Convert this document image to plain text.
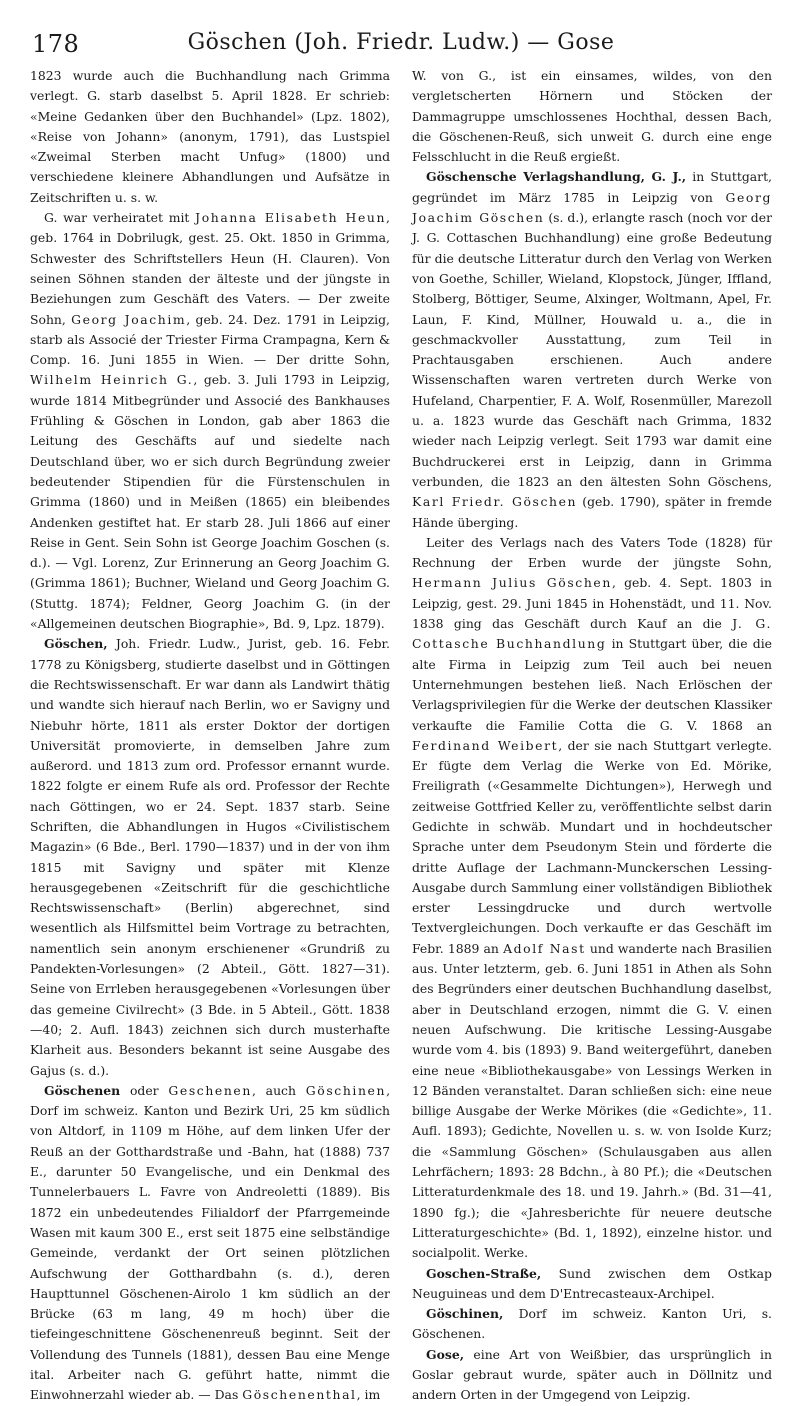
178	Göschen (Joh. Friedr. Ludw.) — Gose

1823 wurde auch die Buchhandlung nach Grimma verlegt. G. starb daselbst 5. April 1828. Er schrieb: «Meine Gedanken über den Buchhandel» (Lpz. 1802), «Reise von Johann» (anonym, 1791), das Lustspiel «Zweimal Sterben macht Unfug» (1800) und verschiedene kleinere Abhandlungen und Aufsätze in Zeitschriften u. s. w.

G. war verheiratet mit Johanna Elisabeth Heun, geb. 1764 in Dobrilugk, gest. 25. Okt. 1850 in Grimma, Schwester des Schriftstellers Heun (H. Clauren). Von seinen Söhnen standen der älteste und der jüngste in Beziehungen zum Geschäft des Vaters. — Der zweite Sohn, Georg Joachim, geb. 24. Dez. 1791 in Leipzig, starb als Associé der Triester Firma Crampagna, Kern & Comp. 16. Juni 1855 in Wien. — Der dritte Sohn, Wilhelm Heinrich G., geb. 3. Juli 1793 in Leipzig, wurde 1814 Mitbegründer und Associé des Bankhauses Frühling & Göschen in London, gab aber 1863 die Leitung des Geschäfts auf und siedelte nach Deutschland über, wo er sich durch Begründung zweier bedeutender Stipendien für die Fürstenschulen in Grimma (1860) und in Meißen (1865) ein bleibendes Andenken gestiftet hat. Er starb 28. Juli 1866 auf einer Reise in Gent. Sein Sohn ist George Joachim Goschen (s. d.). — Vgl. Lorenz, Zur Erinnerung an Georg Joachim G. (Grimma 1861); Buchner, Wieland und Georg Joachim G. (Stuttg. 1874); Feldner, Georg Joachim G. (in der «Allgemeinen deutschen Biographie», Bd. 9, Lpz. 1879).

Göschen, Joh. Friedr. Ludw., Jurist, geb. 16. Febr. 1778 zu Königsberg, studierte daselbst und in Göttingen die Rechtswissenschaft. Er war dann als Landwirt thätig und wandte sich hierauf nach Berlin, wo er Savigny und Niebuhr hörte, 1811 als erster Doktor der dortigen Universität promovierte, in demselben Jahre zum außerord. und 1813 zum ord. Professor ernannt wurde. 1822 folgte er einem Rufe als ord. Professor der Rechte nach Göttingen, wo er 24. Sept. 1837 starb. Seine Schriften, die Abhandlungen in Hugos «Civilistischem Magazin» (6 Bde., Berl. 1790—1837) und in der von ihm 1815 mit Savigny und später mit Klenze herausgegebenen «Zeitschrift für die geschichtliche Rechtswissenschaft» (Berlin) abgerechnet, sind wesentlich als Hilfsmittel beim Vortrage zu betrachten, namentlich sein anonym erschienener «Grundriß zu Pandekten-Vorlesungen» (2 Abteil., Gött. 1827—31). Seine von Errleben herausgegebenen «Vorlesungen über das gemeine Civilrecht» (3 Bde. in 5 Abteil., Gött. 1838—40; 2. Aufl. 1843) zeichnen sich durch musterhafte Klarheit aus. Besonders bekannt ist seine Ausgabe des Gajus (s. d.).

Göschenen oder Geschenen, auch Göschinen, Dorf im schweiz. Kanton und Bezirk Uri, 25 km südlich von Altdorf, in 1109 m Höhe, auf dem linken Ufer der Reuß an der Gotthardstraße und -Bahn, hat (1888) 737 E., darunter 50 Evangelische, und ein Denkmal des Tunnelerbauers L. Favre von Andreoletti (1889). Bis 1872 ein unbedeutendes Filialdorf der Pfarrgemeinde Wasen mit kaum 300 E., erst seit 1875 eine selbständige Gemeinde, verdankt der Ort seinen plötzlichen Aufschwung der Gotthardbahn (s. d.), deren Haupttunnel Göschenen-Airolo 1 km südlich an der Brücke (63 m lang, 49 m hoch) über die tiefeingeschnittene Göschenenreuß beginnt. Seit der Vollendung des Tunnels (1881), dessen Bau eine Menge ital. Arbeiter nach G. geführt hatte, nimmt die Einwohnerzahl wieder ab. — Das Göschenenthal, im

W. von G., ist ein einsames, wildes, von den vergletscherten Hörnern und Stöcken der Dammagruppe umschlossenes Hochthal, dessen Bach, die Göschenen-Reuß, sich unweit G. durch eine enge Felsschlucht in die Reuß ergießt.

Göschensche Verlagshandlung, G. J., in Stuttgart, gegründet im März 1785 in Leipzig von Georg Joachim Göschen (s. d.), erlangte rasch (noch vor der J. G. Cottaschen Buchhandlung) eine große Bedeutung für die deutsche Litteratur durch den Verlag von Werken von Goethe, Schiller, Wieland, Klopstock, Jünger, Iffland, Stolberg, Böttiger, Seume, Alxinger, Woltmann, Apel, Fr. Laun, F. Kind, Müllner, Houwald u. a., die in geschmackvoller Ausstattung, zum Teil in Prachtausgaben erschienen. Auch andere Wissenschaften waren vertreten durch Werke von Hufeland, Charpentier, F. A. Wolf, Rosenmüller, Marezoll u. a. 1823 wurde das Geschäft nach Grimma, 1832 wieder nach Leipzig verlegt. Seit 1793 war damit eine Buchdruckerei erst in Leipzig, dann in Grimma verbunden, die 1823 an den ältesten Sohn Göschens, Karl Friedr. Göschen (geb. 1790), später in fremde Hände überging.

Leiter des Verlags nach des Vaters Tode (1828) für Rechnung der Erben wurde der jüngste Sohn, Hermann Julius Göschen, geb. 4. Sept. 1803 in Leipzig, gest. 29. Juni 1845 in Hohenstädt, und 11. Nov. 1838 ging das Geschäft durch Kauf an die J. G. Cottasche Buchhandlung in Stuttgart über, die die alte Firma in Leipzig zum Teil auch bei neuen Unternehmungen bestehen ließ. Nach Erlöschen der Verlagsprivilegien für die Werke der deutschen Klassiker verkaufte die Familie Cotta die G. V. 1868 an Ferdinand Weibert, der sie nach Stuttgart verlegte. Er fügte dem Verlag die Werke von Ed. Mörike, Freiligrath («Gesammelte Dichtungen»), Herwegh und zeitweise Gottfried Keller zu, veröffentlichte selbst darin Gedichte in schwäb. Mundart und in hochdeutscher Sprache unter dem Pseudonym Stein und förderte die dritte Auflage der Lachmann-Munckerschen Lessing-Ausgabe durch Sammlung einer vollständigen Bibliothek erster Lessingdrucke und durch wertvolle Textvergleichungen. Doch verkaufte er das Geschäft im Febr. 1889 an Adolf Nast und wanderte nach Brasilien aus. Unter letzterm, geb. 6. Juni 1851 in Athen als Sohn des Begründers einer deutschen Buchhandlung daselbst, aber in Deutschland erzogen, nimmt die G. V. einen neuen Aufschwung. Die kritische Lessing-Ausgabe wurde vom 4. bis (1893) 9. Band weitergeführt, daneben eine neue «Bibliothekausgabe» von Lessings Werken in 12 Bänden veranstaltet. Daran schließen sich: eine neue billige Ausgabe der Werke Mörikes (die «Gedichte», 11. Aufl. 1893); Gedichte, Novellen u. s. w. von Isolde Kurz; die «Sammlung Göschen» (Schulausgaben aus allen Lehrfächern; 1893: 28 Bdchn., à 80 Pf.); die «Deutschen Litteraturdenkmale des 18. und 19. Jahrh.» (Bd. 31—41, 1890 fg.); die «Jahresberichte für neuere deutsche Litteraturgeschichte» (Bd. 1, 1892), einzelne histor. und socialpolit. Werke.

Goschen-Straße, Sund zwischen dem Ostkap Neuguineas und dem D'Entrecasteaux-Archipel.

Göschinen, Dorf im schweiz. Kanton Uri, s. Göschenen.

Gose, eine Art von Weißbier, das ursprünglich in Goslar gebraut wurde, später auch in Döllnitz und andern Orten in der Umgegend von Leipzig.
